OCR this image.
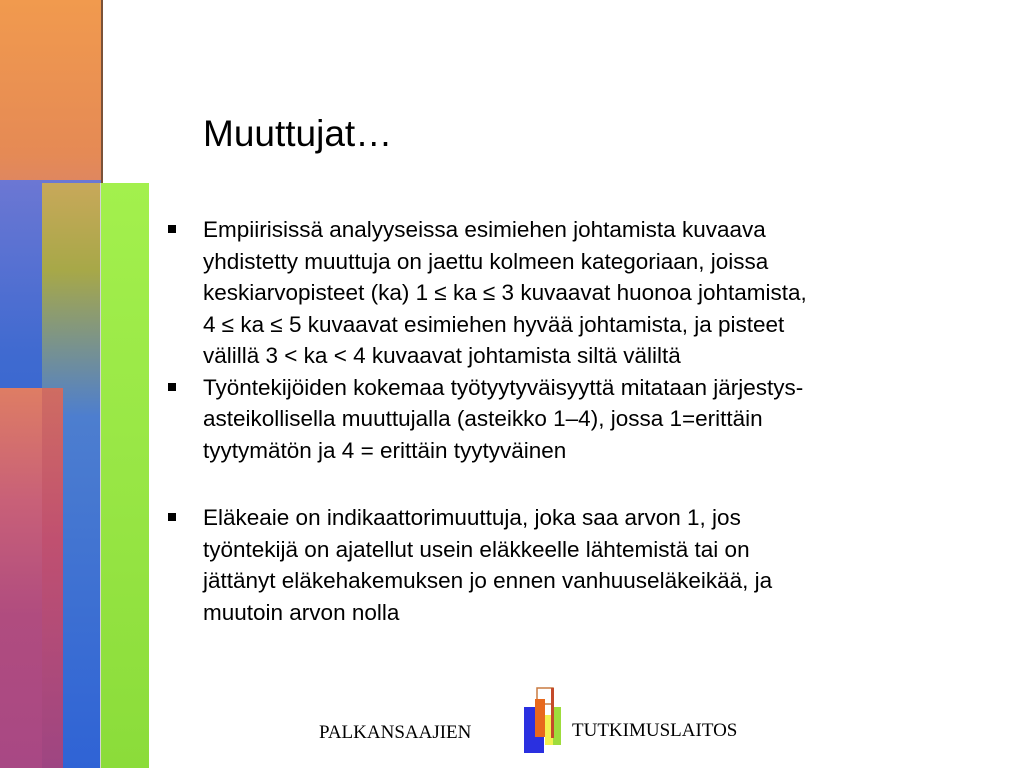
Muuttujat…
Empiirisissä analyyseissa esimiehen johtamista kuvaava
yhdistetty muuttuja on jaettu kolmeen kategoriaan, joissa
keskiarvopisteet (ka) 1 ≤ ka ≤ 3 kuvaavat huonoa johtamista,
4 ≤ ka ≤ 5 kuvaavat esimiehen hyvää johtamista, ja pisteet
välillä 3 < ka < 4 kuvaavat johtamista siltä väliltä
Työntekijöiden kokemaa työtyytyväisyyttä mitataan järjestys-
asteikollisella muuttujalla (asteikko 1–4), jossa 1=erittäin
tyytymätön ja 4 = erittäin tyytyväinen
Eläkeaie on indikaattorimuuttuja, joka saa arvon 1, jos
työntekijä on ajatellut usein eläkkeelle lähtemistä tai on
jättänyt eläkehakemuksen jo ennen vanhuuseläkeikää, ja
muutoin arvon nolla
PALKANSAAJIEN	TUTKIMUSLAITOS
